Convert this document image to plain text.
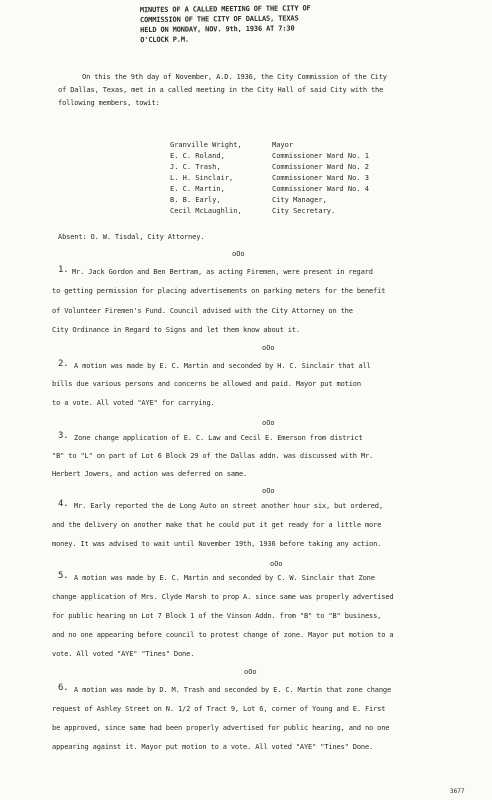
MINUTES OF A CALLED MEETING OF THE CITY OF
COMMISSION OF THE CITY OF DALLAS, TEXAS
HELD ON MONDAY, NOV. 9th, 1936 AT 7:30
O'CLOCK P.M.
On this the 9th day of November, A.D. 1936, the City Commission of the City
of Dallas, Texas, met in a called meeting in the City Hall of said City with the
following members, towit:
Granville Wright,	Mayor
E. C. Roland,	Commissioner Ward No. 1
J. C. Trash,	Commissioner Ward No. 2
L. H. Sinclair,	Commissioner Ward No. 3
E. C. Martin,	Commissioner Ward No. 4
B. B. Early,	City Manager,
Cecil McLaughlin,	City Secretary.
Absent: O. W. Tisdal, City Attorney.
oOo
1. Mr. Jack Gordon and Ben Bertram, as acting Firemen, were present in regard
to getting permission for placing advertisements on parking meters for the benefit
of Volunteer Firemen's Fund. Council advised with the City Attorney on the
City Ordinance in Regard to Signs and let them know about it.
oOo
2. A motion was made by E. C. Martin and seconded by H. C. Sinclair that all
bills due various persons and concerns be allowed and paid. Mayor put motion
to a vote. All voted "AYE" for carrying.
oOo
3. Zone change application of E. C. Law and Cecil E. Emerson from district
"B" to "L" on part of Lot 6 Block 29 of the Dallas addn. was discussed with Mr.
Herbert Jowers, and action was deferred on same.
oOo
4. Mr. Early reported the de Long Auto on street another hour six, but ordered,
and the delivery on another make that he could put it get ready for a little more
money. It was advised to wait until November 19th, 1936 before taking any action.
oOo
5. A motion was made by E. C. Martin and seconded by C. W. Sinclair that Zone
change application of Mrs. Clyde Marsh to prop A. since same was properly advertised
for public hearing on Lot 7 Block 1 of the Vinson Addn. from "B" to "B" business,
and no one appearing before council to protest change of zone. Mayor put motion to a
vote. All voted "AYE" "Tines" Done.
oOo
6. A motion was made by D. M. Trash and seconded by E. C. Martin that zone change
request of Ashley Street on N. 1/2 of Tract 9, Lot 6, corner of Young and E. First
be approved, since same had been properly advertised for public hearing, and no one
appearing against it. Mayor put motion to a vote. All voted "AYE" "Tines" Done.
3677
